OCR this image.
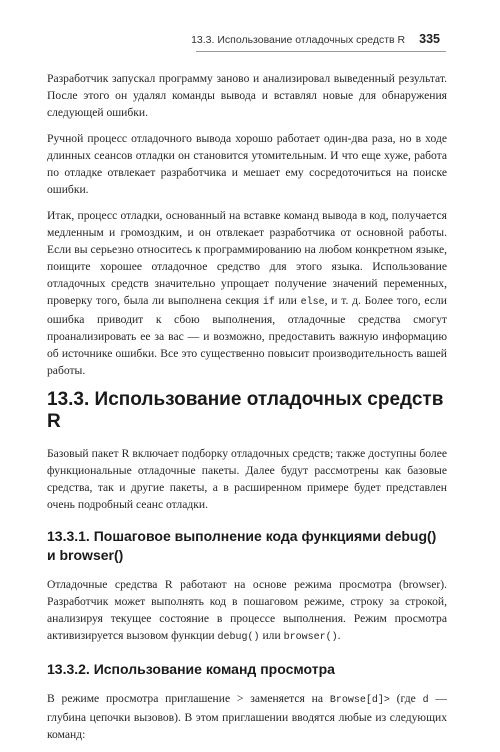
13.3. Использование отладочных средств R 335

Разработчик запускал программу заново и анализировал выведенный результат. После этого он удалял команды вывода и вставлял новые для обнаружения следующей ошибки.

Ручной процесс отладочного вывода хорошо работает один-два раза, но в ходе длинных сеансов отладки он становится утомительным. И что еще хуже, работа по отладке отвлекает разработчика и мешает ему сосредоточиться на поиске ошибки.

Итак, процесс отладки, основанный на вставке команд вывода в код, получается медленным и громоздким, и он отвлекает разработчика от основной работы. Если вы серьезно относитесь к программированию на любом конкретном языке, поищите хорошее отладочное средство для этого языка. Использование отладочных средств значительно упрощает получение значений переменных, проверку того, была ли выполнена секция if или else, и т. д. Более того, если ошибка приводит к сбою выполнения, отладочные средства смогут проанализировать ее за вас — и возможно, предоставить важную информацию об источнике ошибки. Все это существенно повысит производительность вашей работы.

13.3. Использование отладочных средств R

Базовый пакет R включает подборку отладочных средств; также доступны более функциональные отладочные пакеты. Далее будут рассмотрены как базовые средства, так и другие пакеты, а в расширенном примере будет представлен очень подробный сеанс отладки.

13.3.1. Пошаговое выполнение кода функциями debug() и browser()

Отладочные средства R работают на основе режима просмотра (browser). Разработчик может выполнять код в пошаговом режиме, строку за строкой, анализируя текущее состояние в процессе выполнения. Режим просмотра активизируется вызовом функции debug() или browser().

13.3.2. Использование команд просмотра

В режиме просмотра приглашение > заменяется на Browse[d]> (где d — глубина цепочки вызовов). В этом приглашении вводятся любые из следующих команд:
